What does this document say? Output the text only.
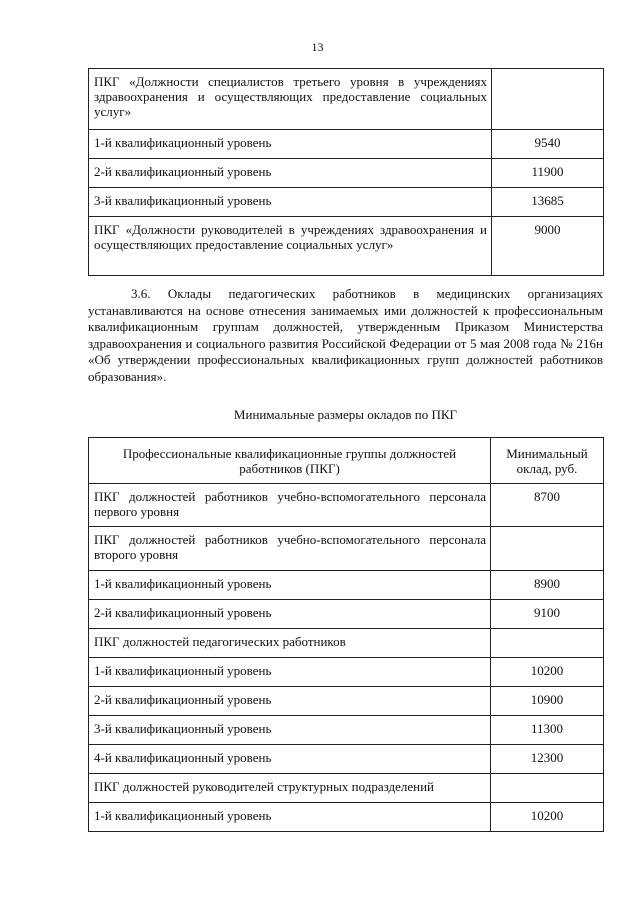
13
ПКГ «Должности специалистов третьего уровня в учреждениях здравоохранения и осуществляющих предоставление социальных услуг»	
1-й квалификационный уровень	9540
2-й квалификационный уровень	11900
3-й квалификационный уровень	13685
ПКГ «Должности руководителей в учреждениях здравоохранения и осуществляющих предоставление социальных услуг»	9000

3.6. Оклады педагогических работников в медицинских организациях устанавливаются на основе отнесения занимаемых ими должностей к профессиональным квалификационным группам должностей, утвержденным Приказом Министерства здравоохранения и социального развития Российской Федерации от 5 мая 2008 года № 216н «Об утверждении профессиональных квалификационных групп должностей работников образования».

Минимальные размеры окладов по ПКГ
Профессиональные квалификационные группы должностей работников (ПКГ)	Минимальный оклад, руб.
ПКГ должностей работников учебно-вспомогательного персонала первого уровня	8700
ПКГ должностей работников учебно-вспомогательного персонала второго уровня	
1-й квалификационный уровень	8900
2-й квалификационный уровень	9100
ПКГ должностей педагогических работников	
1-й квалификационный уровень	10200
2-й квалификационный уровень	10900
3-й квалификационный уровень	11300
4-й квалификационный уровень	12300
ПКГ должностей руководителей структурных подразделений	
1-й квалификационный уровень	10200
